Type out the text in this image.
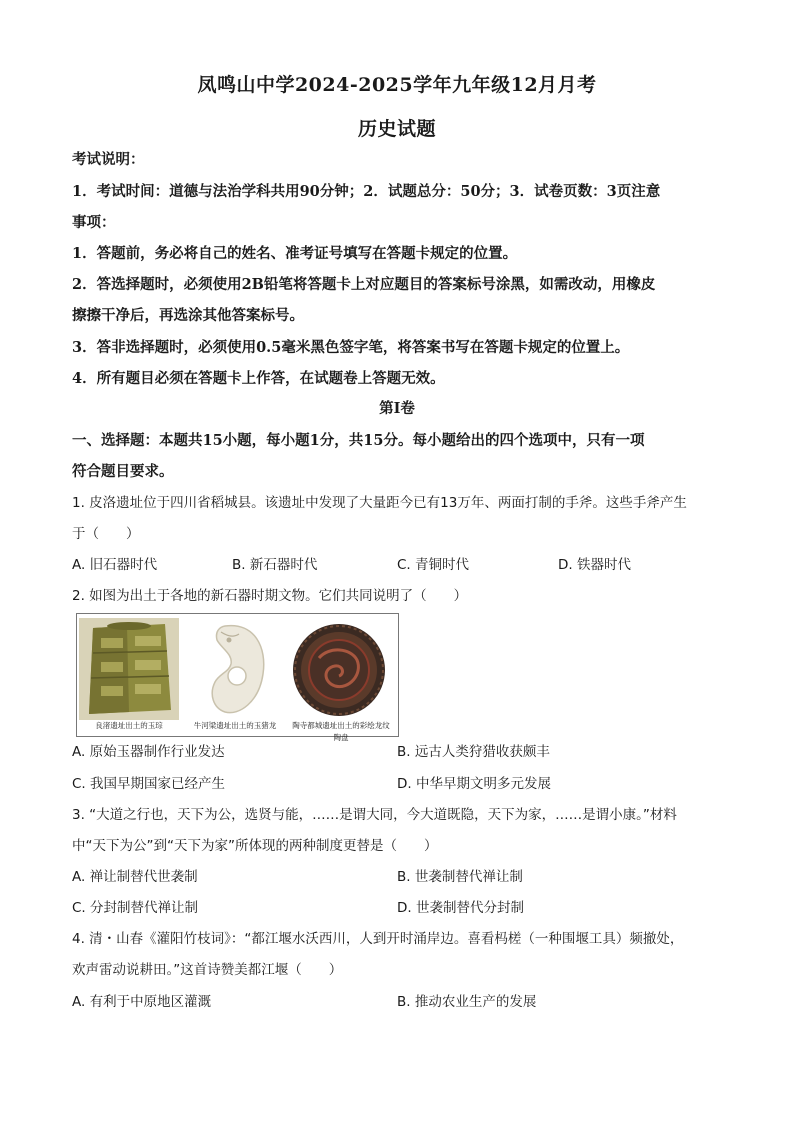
凤鸣山中学2024-2025学年九年级12月月考
历史试题
考试说明：
1．考试时间：道德与法治学科共用90分钟；2．试题总分：50分；3．试卷页数：3页注意
事项：
1．答题前，务必将自己的姓名、准考证号填写在答题卡规定的位置。
2．答选择题时，必须使用2B铅笔将答题卡上对应题目的答案标号涂黑，如需改动，用橡皮
擦擦干净后，再选涂其他答案标号。
3．答非选择题时，必须使用0.5毫米黑色签字笔，将答案书写在答题卡规定的位置上。
4．所有题目必须在答题卡上作答，在试题卷上答题无效。
第Ⅰ卷
一、选择题：本题共15小题，每小题1分，共15分。每小题给出的四个选项中，只有一项
符合题目要求。
1. 皮洛遗址位于四川省稻城县。该遗址中发现了大量距今已有13万年、两面打制的手斧。这些手斧产生
于（　　）
A. 旧石器时代	B. 新石器时代	C. 青铜时代	D. 铁器时代
2. 如图为出土于各地的新石器时期文物。它们共同说明了（　　）
良渚遗址出土的玉琮	牛河梁遗址出土的玉猪龙	陶寺都城遗址出土的彩绘龙纹陶盘
A. 原始玉器制作行业发达	B. 远古人类狩猎收获颇丰
C. 我国早期国家已经产生	D. 中华早期文明多元发展
3. “大道之行也，天下为公，选贤与能，……是谓大同，今大道既隐，天下为家，……是谓小康。”材料
中“天下为公”到“天下为家”所体现的两种制度更替是（　　）
A. 禅让制替代世袭制	B. 世袭制替代禅让制
C. 分封制替代禅让制	D. 世袭制替代分封制
4. 清・山春《灌阳竹枝词》：“都江堰水沃西川，人到开时涌岸边。喜看杩槎（一种围堰工具）频撤处，
欢声雷动说耕田。”这首诗赞美都江堰（　　）
A. 有利于中原地区灌溉	B. 推动农业生产的发展
